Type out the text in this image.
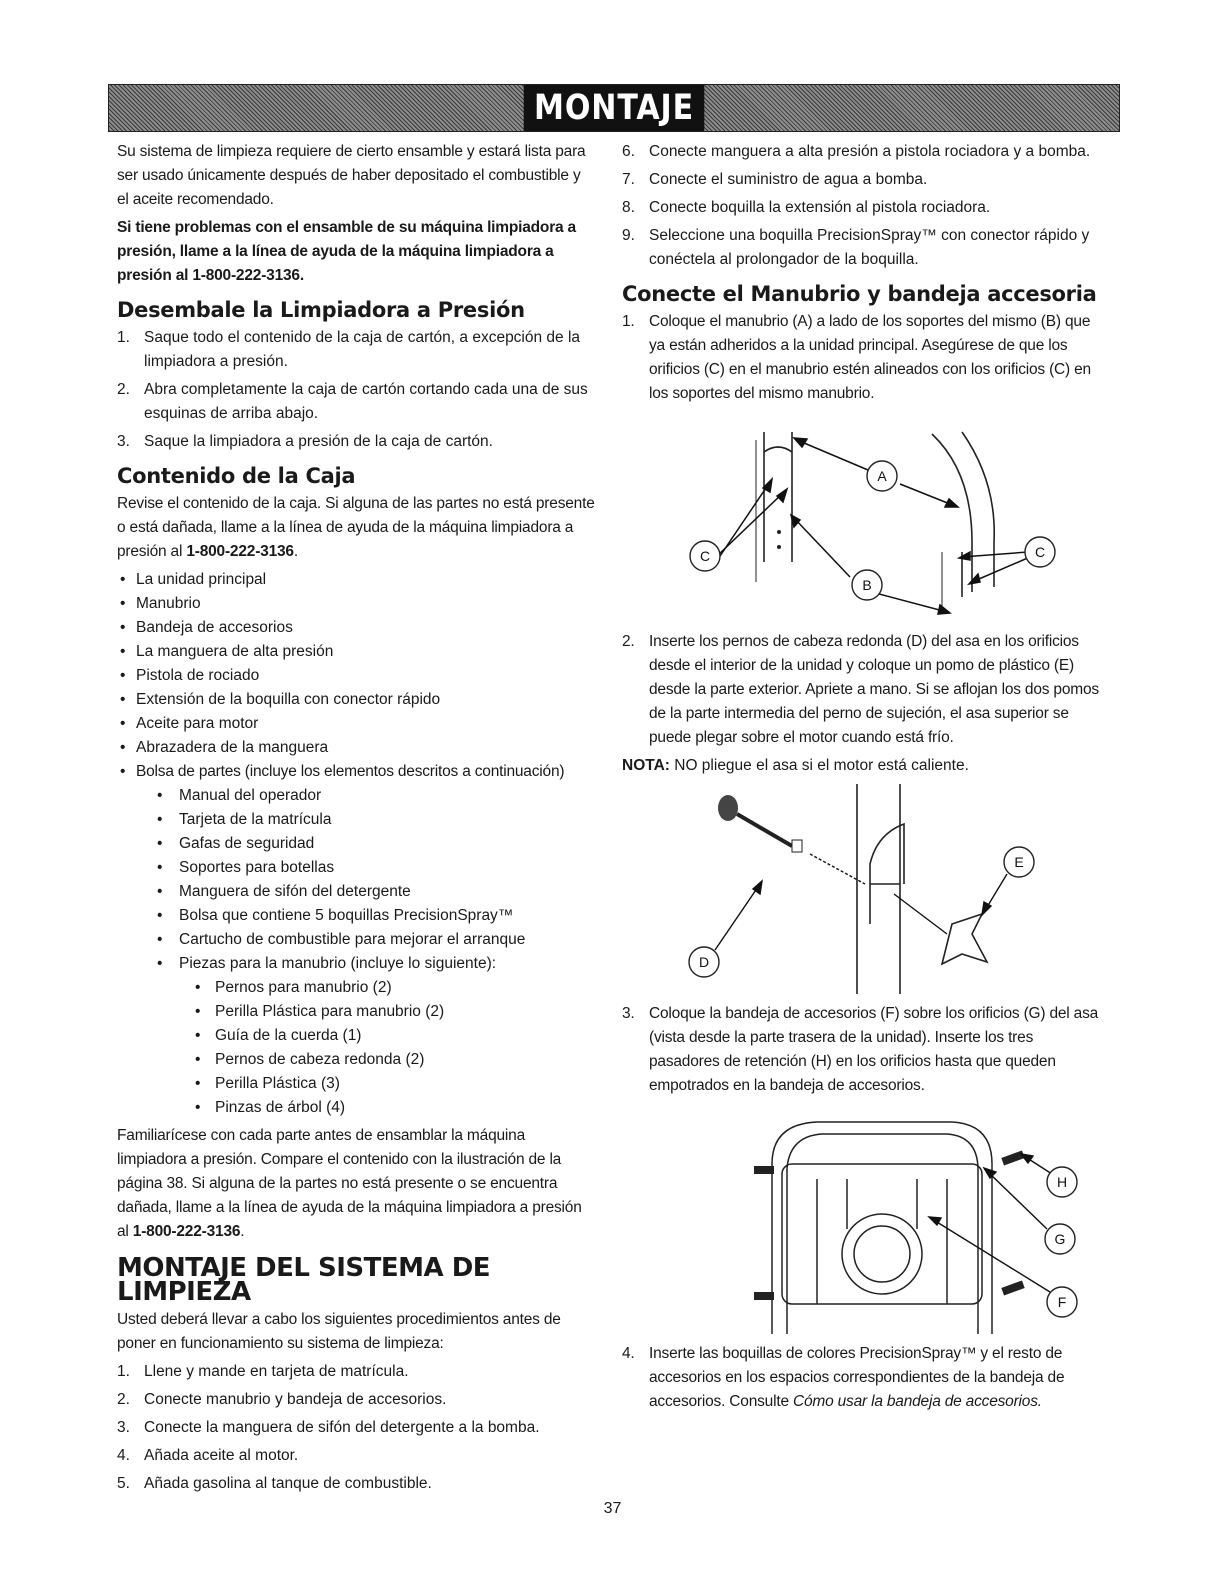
MONTAJE

Su sistema de limpieza requiere de cierto ensamble y estará lista para ser usado únicamente después de haber depositado el combustible y el aceite recomendado.

Si tiene problemas con el ensamble de su máquina limpiadora a presión, llame a la línea de ayuda de la máquina limpiadora a presión al 1-800-222-3136.

Desembale la Limpiadora a Presión
1. Saque todo el contenido de la caja de cartón, a excepción de la limpiadora a presión.
2. Abra completamente la caja de cartón cortando cada una de sus esquinas de arriba abajo.
3. Saque la limpiadora a presión de la caja de cartón.
Contenido de la Caja

Revise el contenido de la caja. Si alguna de las partes no está presente o está dañada, llame a la línea de ayuda de la máquina limpiadora a presión al 1-800-222-3136.

• La unidad principal
• Manubrio
• Bandeja de accesorios
• La manguera de alta presión
• Pistola de rociado
• Extensión de la boquilla con conector rápido
• Aceite para motor
• Abrazadera de la manguera
• Bolsa de partes (incluye los elementos descritos a continuación)
• Manual del operador
• Tarjeta de la matrícula
• Gafas de seguridad
• Soportes para botellas
• Manguera de sifón del detergente
• Bolsa que contiene 5 boquillas PrecisionSpray™
• Cartucho de combustible para mejorar el arranque
• Piezas para la manubrio (incluye lo siguiente):
• Pernos para manubrio (2)
• Perilla Plástica para manubrio (2)
• Guía de la cuerda (1)
• Pernos de cabeza redonda (2)
• Perilla Plástica (3)
• Pinzas de árbol (4)

Familiarícese con cada parte antes de ensamblar la máquina limpiadora a presión. Compare el contenido con la ilustración de la página 38. Si alguna de la partes no está presente o se encuentra dañada, llame a la línea de ayuda de la máquina limpiadora a presión al 1-800-222-3136.

MONTAJE DEL SISTEMA DE LIMPIEZA

Usted deberá llevar a cabo los siguientes procedimientos antes de poner en funcionamiento su sistema de limpieza:

1. Llene y mande en tarjeta de matrícula.
2. Conecte manubrio y bandeja de accesorios.
3. Conecte la manguera de sifón del detergente a la bomba.
4. Añada aceite al motor.
5. Añada gasolina al tanque de combustible.
6. Conecte manguera a alta presión a pistola rociadora y a bomba.
7. Conecte el suministro de agua a bomba.
8. Conecte boquilla la extensión al pistola rociadora.
9. Seleccione una boquilla PrecisionSpray™ con conector rápido y conéctela al prolongador de la boquilla.
Conecte el Manubrio y bandeja accesoria
1. Coloque el manubrio (A) a lado de los soportes del mismo (B) que ya están adheridos a la unidad principal. Asegúrese de que los orificios (C) en el manubrio estén alineados con los orificios (C) en los soportes del mismo manubrio.
A
B
C	C
2. Inserte los pernos de cabeza redonda (D) del asa en los orificios desde el interior de la unidad y coloque un pomo de plástico (E) desde la parte exterior. Apriete a mano. Si se aflojan los dos pomos de la parte intermedia del perno de sujeción, el asa superior se puede plegar sobre el motor cuando está frío.

NOTA: NO pliegue el asa si el motor está caliente.

D
E
3. Coloque la bandeja de accesorios (F) sobre los orificios (G) del asa (vista desde la parte trasera de la unidad). Inserte los tres pasadores de retención (H) en los orificios hasta que queden empotrados en la bandeja de accesorios.
H
G
F
4. Inserte las boquillas de colores PrecisionSpray™ y el resto de accesorios en los espacios correspondientes de la bandeja de accesorios. Consulte Cómo usar la bandeja de accesorios.
37
